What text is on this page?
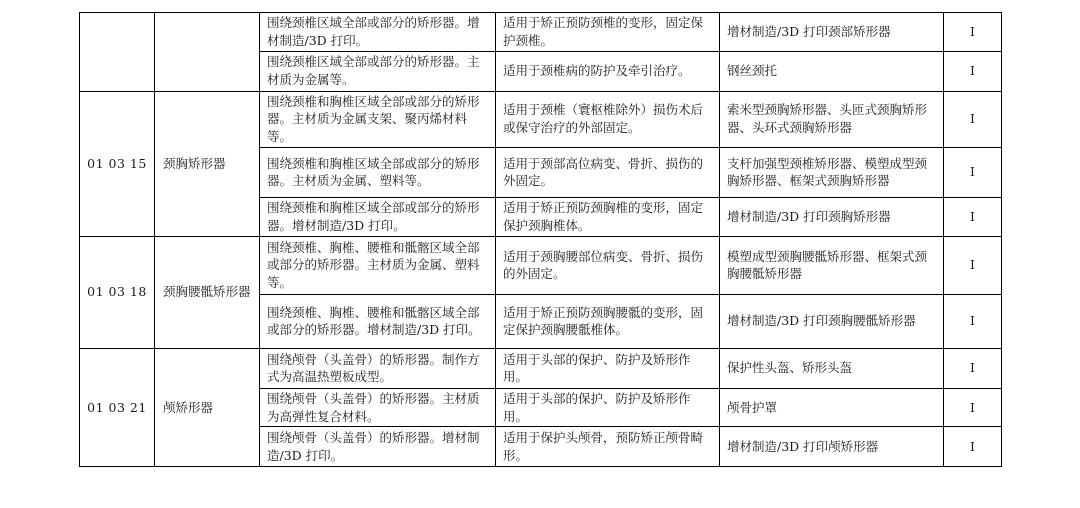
		围绕颈椎区域全部或部分的矫形器。增材制造/3D 打印。	适用于矫正预防颈椎的变形，固定保护颈椎。	增材制造/3D 打印颈部矫形器	I
		围绕颈椎区域全部或部分的矫形器。主材质为金属等。	适用于颈椎病的防护及牵引治疗。	钢丝颈托	I
01 03 15	颈胸矫形器	围绕颈椎和胸椎区域全部或部分的矫形器。主材质为金属支架、聚丙烯材料等。	适用于颈椎（寰枢椎除外）损伤术后或保守治疗的外部固定。	索米型颈胸矫形器、头匝式颈胸矫形器、头环式颈胸矫形器	I
		围绕颈椎和胸椎区域全部或部分的矫形器。主材质为金属、塑料等。	适用于颈部高位病变、骨折、损伤的外固定。	支杆加强型颈椎矫形器、模塑成型颈胸矫形器、框架式颈胸矫形器	I
		围绕颈椎和胸椎区域全部或部分的矫形器。增材制造/3D 打印。	适用于矫正预防颈胸椎的变形，固定保护颈胸椎体。	增材制造/3D 打印颈胸矫形器	I
01 03 18	颈胸腰骶矫形器	围绕颈椎、胸椎、腰椎和骶髂区域全部或部分的矫形器。主材质为金属、塑料等。	适用于颈胸腰部位病变、骨折、损伤的外固定。	模塑成型颈胸腰骶矫形器、框架式颈胸腰骶矫形器	I
		围绕颈椎、胸椎、腰椎和骶髂区域全部或部分的矫形器。增材制造/3D 打印。	适用于矫正预防颈胸腰骶的变形，固定保护颈胸腰骶椎体。	增材制造/3D 打印颈胸腰骶矫形器	I
01 03 21	颅矫形器	围绕颅骨（头盖骨）的矫形器。制作方式为高温热塑板成型。	适用于头部的保护、防护及矫形作用。	保护性头盔、矫形头盔	I
		围绕颅骨（头盖骨）的矫形器。主材质为高弹性复合材料。	适用于头部的保护、防护及矫形作用。	颅骨护罩	I
		围绕颅骨（头盖骨）的矫形器。增材制造/3D 打印。	适用于保护头颅骨，预防矫正颅骨畸形。	增材制造/3D 打印颅矫形器	I
